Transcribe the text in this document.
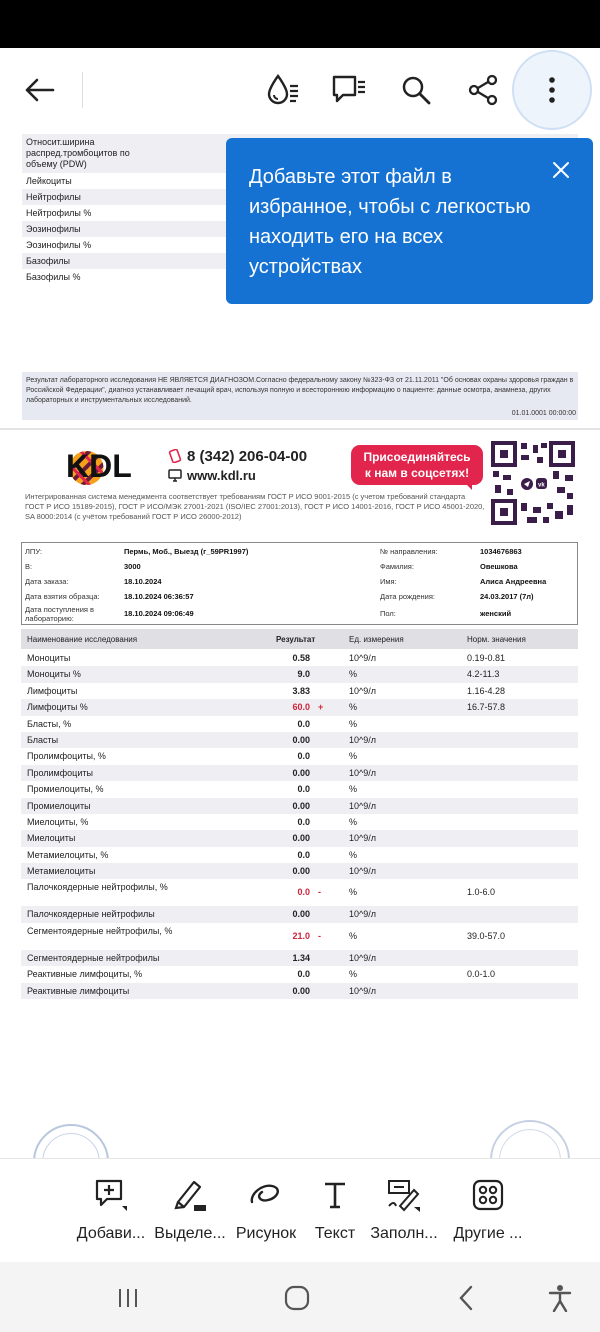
Относит.ширина распред.тромбоцитов по объему (PDW)
Лейкоциты
Нейтрофилы
Нейтрофилы %
Эозинофилы
Эозинофилы %
Базофилы
Базофилы %
Результат лабораторного исследования НЕ ЯВЛЯЕТСЯ ДИАГНОЗОМ.Согласно федеральному закону №323-ФЗ от 21.11.2011 "Об основах охраны здоровья граждан в Российской Федерации", диагноз устанавливает лечащий врач, используя полную и всестороннюю информацию о пациенте: данные осмотра, анамнеза, других лабораторных и инструментальных исследований.
01.01.0001 00:00:00
KDL	8 (342) 206-04-00
www.kdl.ru
Присоединяйтесь
к нам в соцсетях!
vk
Интегрированная система менеджмента соответствует требованиям ГОСТ Р ИСО 9001-2015 (с учетом требований стандарта ГОСТ Р ИСО 15189-2015), ГОСТ Р ИСО/МЭК 27001-2021 (ISO/IEC 27001:2013), ГОСТ Р ИСО 14001-2016, ГОСТ Р ИСО 45001-2020, SA 8000:2014 (с учётом требований ГОСТ Р ИСО 26000-2012)
ЛПУ:	Пермь, Моб., Выезд (г_59PR1997)
В:	3000
Дата заказа:	18.10.2024
Дата взятия образца:	18.10.2024 06:36:57
Дата поступления в лабораторию:
18.10.2024 09:06:49
№ направления:	1034676863
Фамилия:	Овешкова
Имя:	Алиса Андреевна
Дата рождения:	24.03.2017 (7л)
Пол:	женский
Наименование исследования	Результат	Ед. измерения	Норм. значения
Моноциты	0.58	10^9/л	0.19-0.81
Моноциты %	9.0	%	4.2-11.3
Лимфоциты	3.83	10^9/л	1.16-4.28
Лимфоциты %	60.0 +	%	16.7-57.8
Бласты, %	0.0	%
Бласты	0.00	10^9/л
Пролимфоциты, %	0.0	%
Пролимфоциты	0.00	10^9/л
Промиелоциты, %	0.0	%
Промиелоциты	0.00	10^9/л
Миелоциты, %	0.0	%
Миелоциты	0.00	10^9/л
Метамиелоциты, %	0.0	%
Метамиелоциты	0.00	10^9/л
Палочкоядерные нейтрофилы, %	0.0 -	%	1.0-6.0
Палочкоядерные нейтрофилы	0.00	10^9/л
Сегментоядерные нейтрофилы, %	21.0 -	%	39.0-57.0
Сегментоядерные нейтрофилы	1.34	10^9/л
Реактивные лимфоциты, %	0.0	%	0.0-1.0
Реактивные лимфоциты	0.00	10^9/л
Добави... Выделе... Рисунок	Текст Заполн... Другие ...
Добавьте этот файл в избранное, чтобы с легкостью находить его на всех устройствах
